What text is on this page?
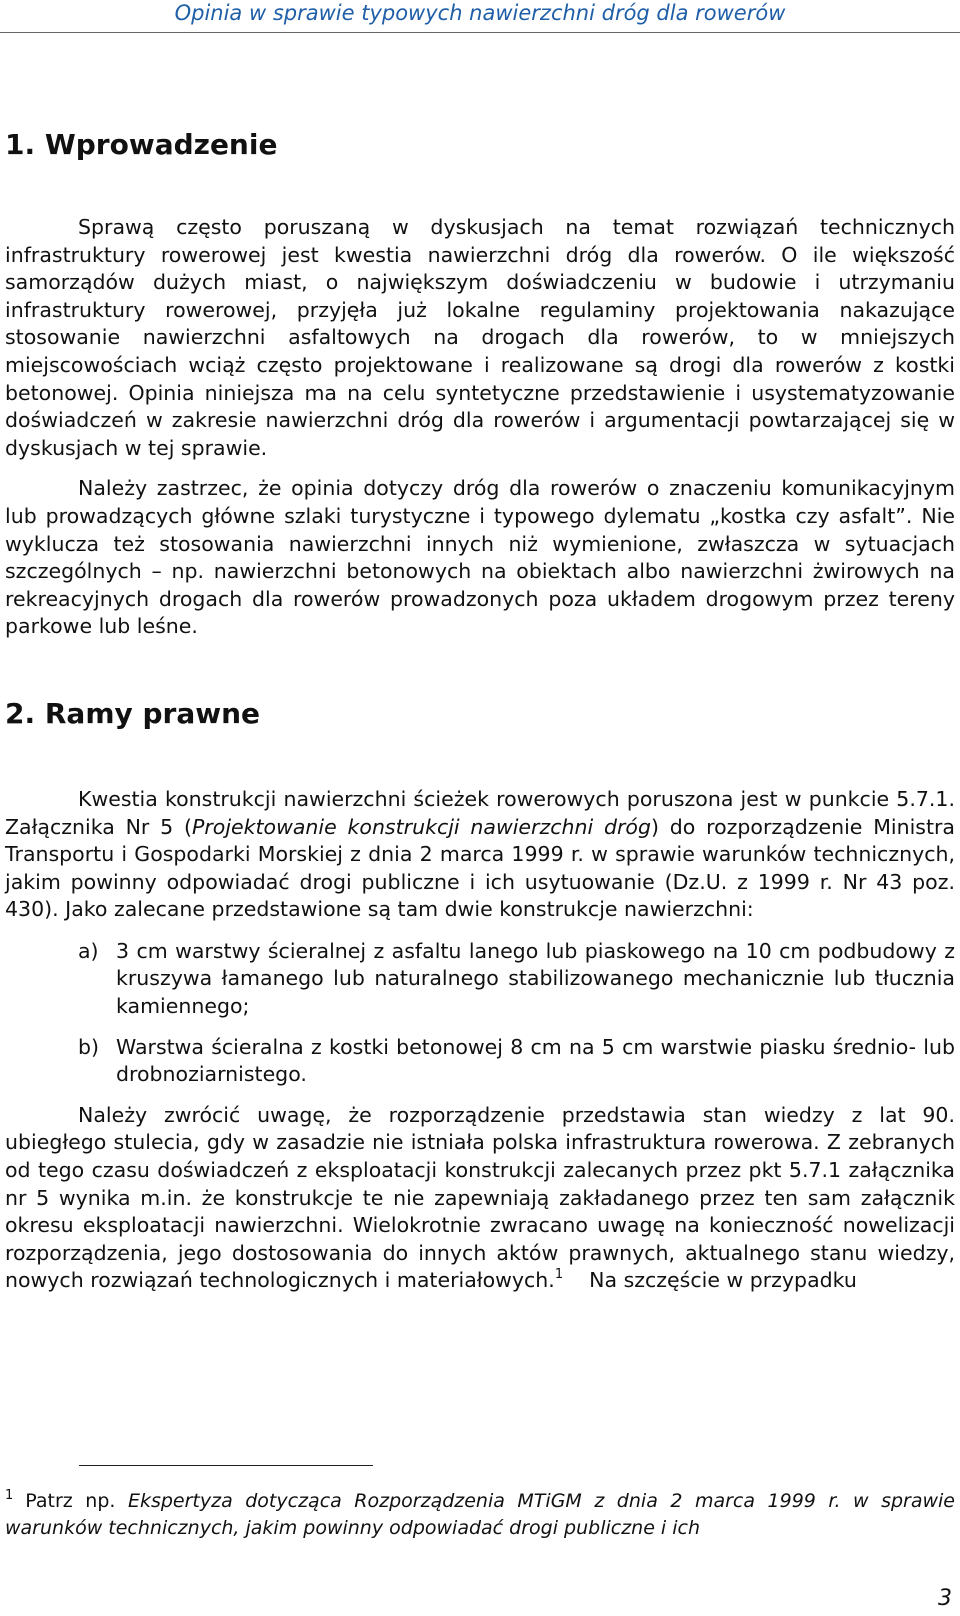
Opinia w sprawie typowych nawierzchni dróg dla rowerów
1. Wprowadzenie

Sprawą często poruszaną w dyskusjach na temat rozwiązań technicznych infrastruktury rowerowej jest kwestia nawierzchni dróg dla rowerów. O ile większość samorządów dużych miast, o największym doświadczeniu w budowie i utrzymaniu infrastruktury rowerowej, przyjęła już lokalne regulaminy projektowania nakazujące stosowanie nawierzchni asfaltowych na drogach dla rowerów, to w mniejszych miejscowościach wciąż często projektowane i realizowane są drogi dla rowerów z kostki betonowej. Opinia niniejsza ma na celu syntetyczne przedstawienie i usystematyzowanie doświadczeń w zakresie nawierzchni dróg dla rowerów i argumentacji powtarzającej się w dyskusjach w tej sprawie.

Należy zastrzec, że opinia dotyczy dróg dla rowerów o znaczeniu komunikacyjnym lub prowadzących główne szlaki turystyczne i typowego dylematu „kostka czy asfalt”. Nie wyklucza też stosowania nawierzchni innych niż wymienione, zwłaszcza w sytuacjach szczególnych – np. nawierzchni betonowych na obiektach albo nawierzchni żwirowych na rekreacyjnych drogach dla rowerów prowadzonych poza układem drogowym przez tereny parkowe lub leśne.

2. Ramy prawne

Kwestia konstrukcji nawierzchni ścieżek rowerowych poruszona jest w punkcie 5.7.1. Załącznika Nr 5 (Projektowanie konstrukcji nawierzchni dróg) do rozporządzenie Ministra Transportu i Gospodarki Morskiej z dnia 2 marca 1999 r. w sprawie warunków technicznych, jakim powinny odpowiadać drogi publiczne i ich usytuowanie (Dz.U. z 1999 r. Nr 43 poz. 430). Jako zalecane przedstawione są tam dwie konstrukcje nawierzchni:

a) 3 cm warstwy ścieralnej z asfaltu lanego lub piaskowego na 10 cm podbudowy z kruszywa łamanego lub naturalnego stabilizowanego mechanicznie lub tłucznia kamiennego;
b) Warstwa ścieralna z kostki betonowej 8 cm na 5 cm warstwie piasku średnio- lub drobnoziarnistego.

Należy zwrócić uwagę, że rozporządzenie przedstawia stan wiedzy z lat 90. ubiegłego stulecia, gdy w zasadzie nie istniała polska infrastruktura rowerowa. Z zebranych od tego czasu doświadczeń z eksploatacji konstrukcji zalecanych przez pkt 5.7.1 załącznika nr 5 wynika m.in. że konstrukcje te nie zapewniają zakładanego przez ten sam załącznik okresu eksploatacji nawierzchni. Wielokrotnie zwracano uwagę na konieczność nowelizacji rozporządzenia, jego dostosowania do innych aktów prawnych, aktualnego stanu wiedzy, nowych rozwiązań technologicznych i materiałowych.$^1$ Na szczęście w przypadku

$^1$ Patrz np. Ekspertyza dotycząca Rozporządzenia MTiGM z dnia 2 marca 1999 r. w sprawie warunków technicznych, jakim powinny odpowiadać drogi publiczne i ich
3
